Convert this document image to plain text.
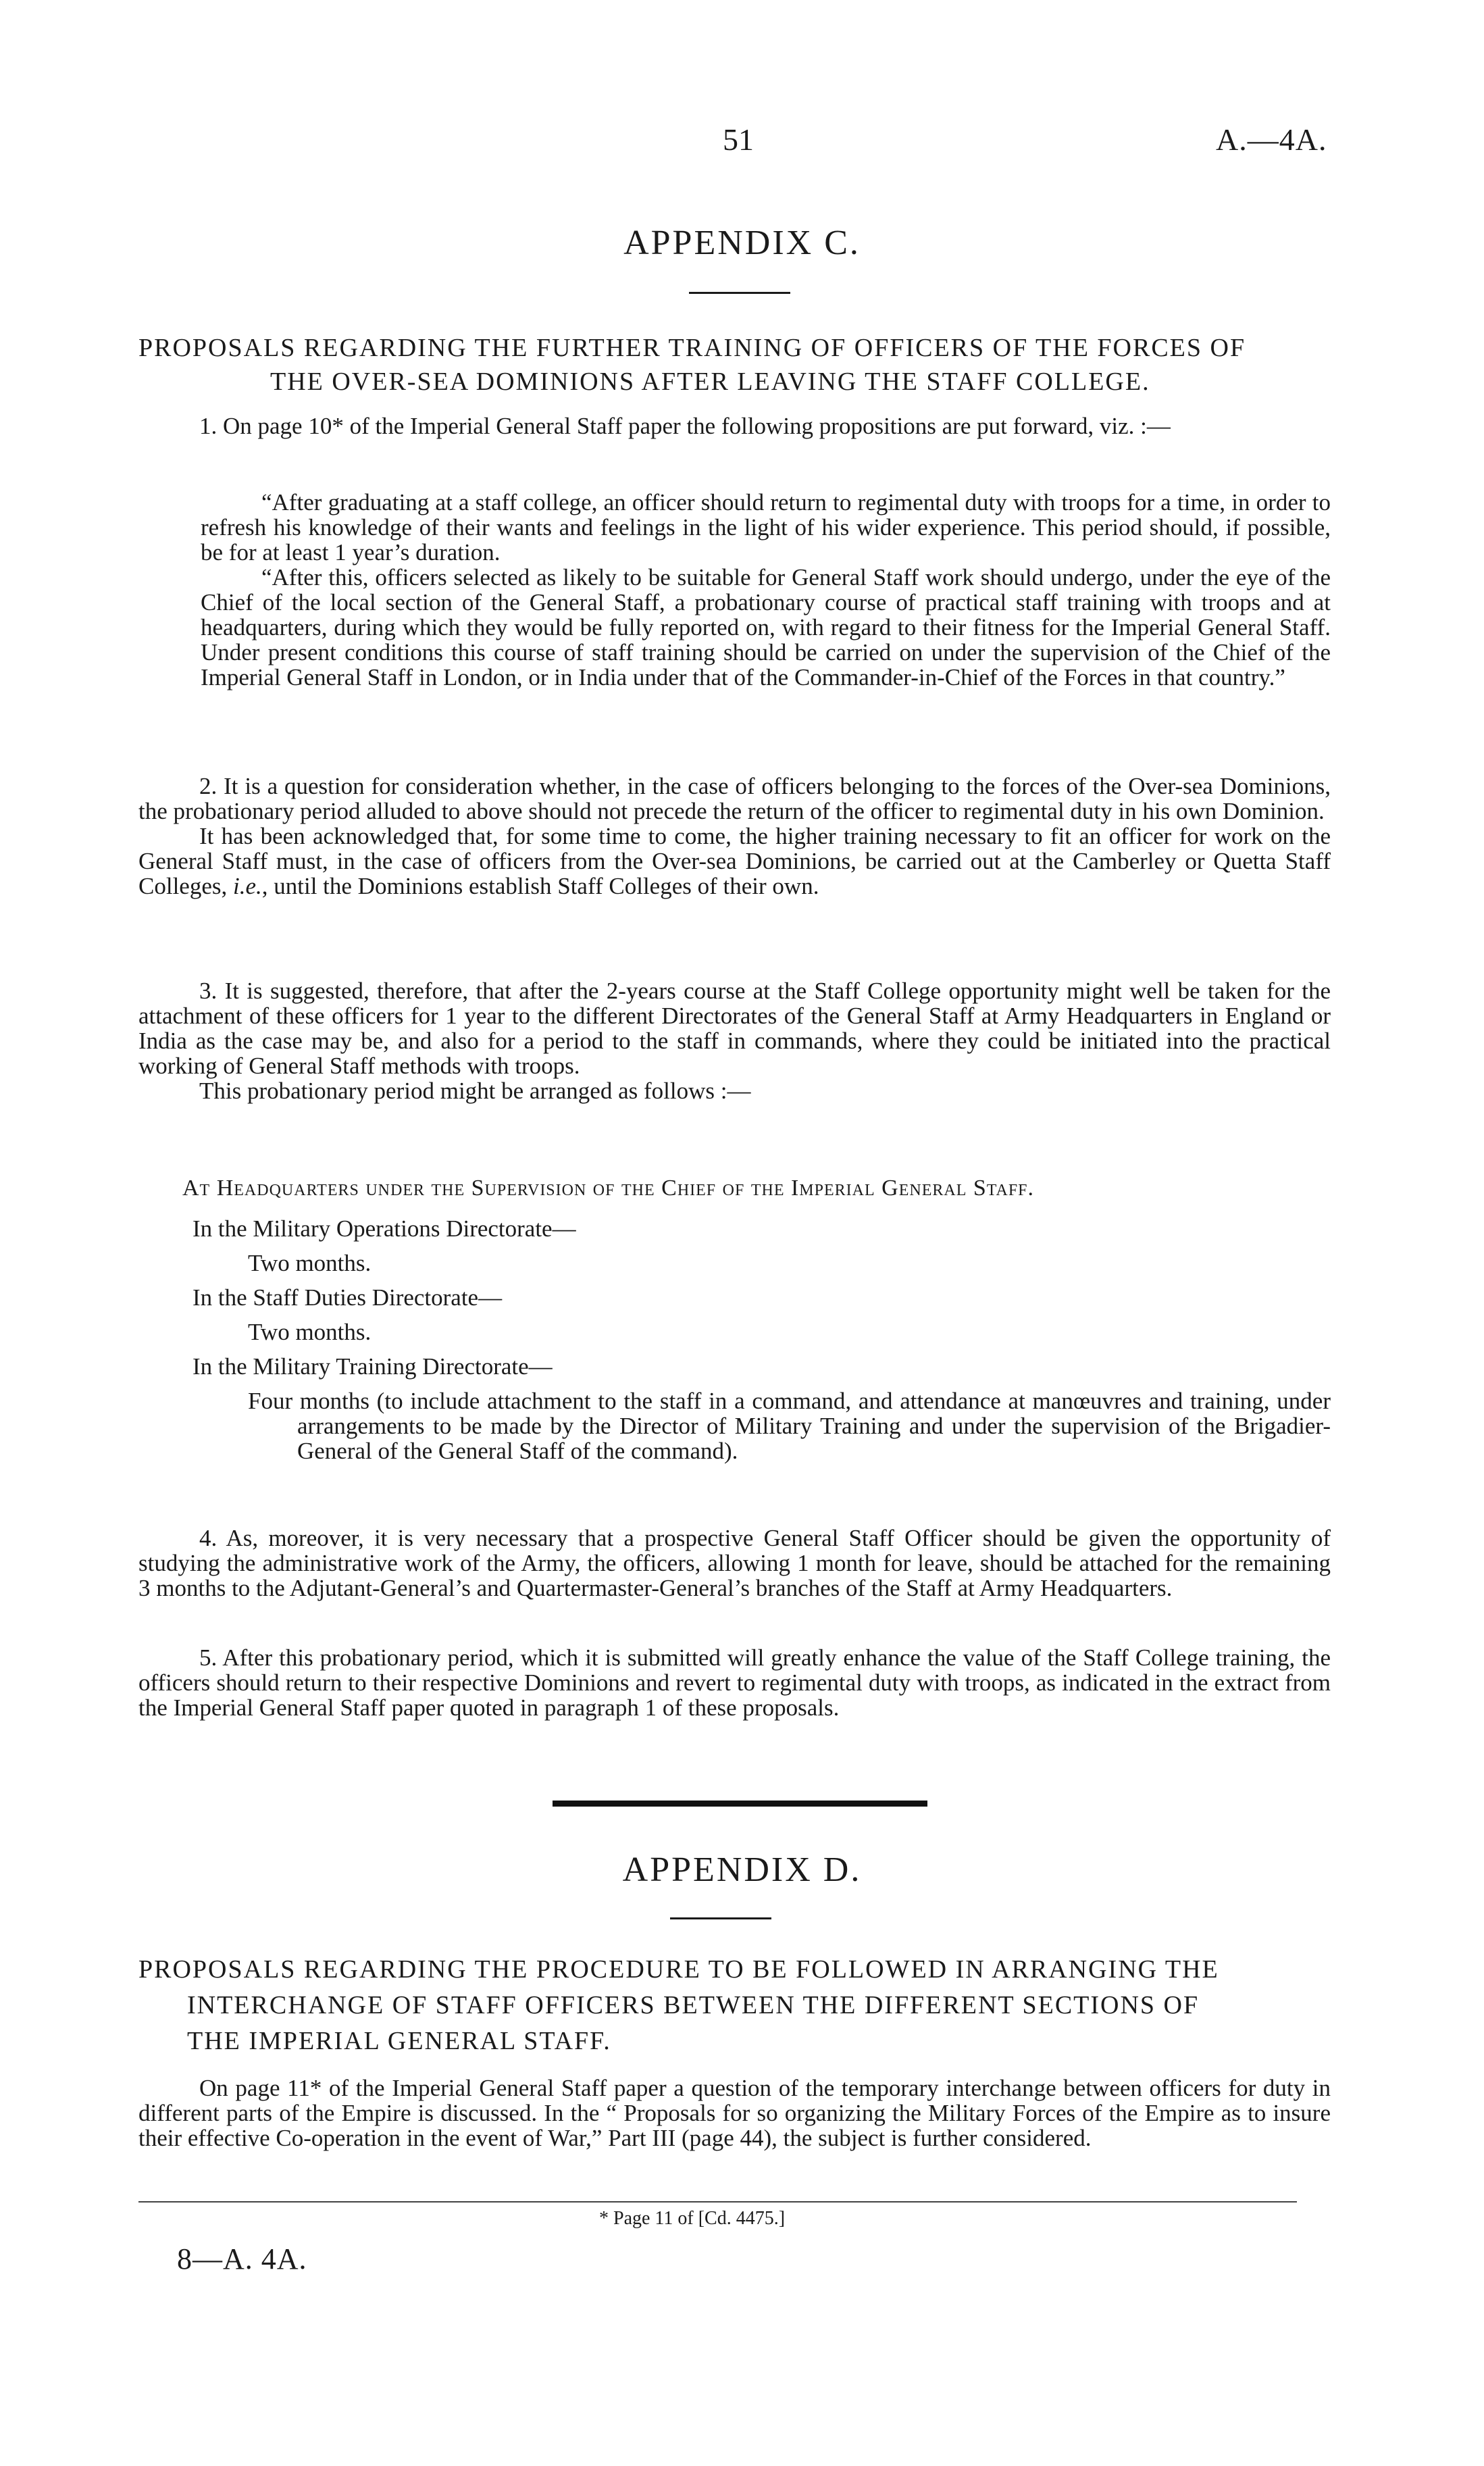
51	A.—4A.
APPENDIX C.
PROPOSALS REGARDING THE FURTHER TRAINING OF OFFICERS OF THE FORCES OF
THE OVER-SEA DOMINIONS AFTER LEAVING THE STAFF COLLEGE.

1. On page 10* of the Imperial General Staff paper the following propositions are put forward, viz. :—

“After graduating at a staff college, an officer should return to regimental duty with troops for a time, in order to refresh his knowledge of their wants and feelings in the light of his wider experience. This period should, if possible, be for at least 1 year’s duration.

“After this, officers selected as likely to be suitable for General Staff work should undergo, under the eye of the Chief of the local section of the General Staff, a probationary course of practical staff training with troops and at headquarters, during which they would be fully reported on, with regard to their fitness for the Imperial General Staff. Under present conditions this course of staff training should be carried on under the supervision of the Chief of the Imperial General Staff in London, or in India under that of the Commander-in-Chief of the Forces in that country.”

2. It is a question for consideration whether, in the case of officers belonging to the forces of the Over-sea Dominions, the probationary period alluded to above should not precede the return of the officer to regimental duty in his own Dominion.

It has been acknowledged that, for some time to come, the higher training necessary to fit an officer for work on the General Staff must, in the case of officers from the Over-sea Dominions, be carried out at the Camberley or Quetta Staff Colleges, i.e., until the Dominions establish Staff Colleges of their own.

3. It is suggested, therefore, that after the 2-years course at the Staff College opportunity might well be taken for the attachment of these officers for 1 year to the different Directorates of the General Staff at Army Headquarters in England or India as the case may be, and also for a period to the staff in commands, where they could be initiated into the practical working of General Staff methods with troops.

This probationary period might be arranged as follows :—

At Headquarters under the Supervision of the Chief of the Imperial General Staff.

In the Military Operations Directorate—

Two months.

In the Staff Duties Directorate—

Two months.

In the Military Training Directorate—

Four months (to include attachment to the staff in a command, and attendance at manœuvres and training, under arrangements to be made by the Director of Military Training and under the supervision of the Brigadier-General of the General Staff of the command).

4. As, moreover, it is very necessary that a prospective General Staff Officer should be given the opportunity of studying the administrative work of the Army, the officers, allowing 1 month for leave, should be attached for the remaining 3 months to the Adjutant-General’s and Quartermaster-General’s branches of the Staff at Army Headquarters.

5. After this probationary period, which it is submitted will greatly enhance the value of the Staff College training, the officers should return to their respective Dominions and revert to regimental duty with troops, as indicated in the extract from the Imperial General Staff paper quoted in paragraph 1 of these proposals.

APPENDIX D.
PROPOSALS REGARDING THE PROCEDURE TO BE FOLLOWED IN ARRANGING THE
INTERCHANGE OF STAFF OFFICERS BETWEEN THE DIFFERENT SECTIONS OF
THE IMPERIAL GENERAL STAFF.

On page 11* of the Imperial General Staff paper a question of the temporary interchange between officers for duty in different parts of the Empire is discussed. In the “ Proposals for so organizing the Military Forces of the Empire as to insure their effective Co-operation in the event of War,” Part III (page 44), the subject is further considered.

* Page 11 of [Cd. 4475.]
8—A. 4A.
